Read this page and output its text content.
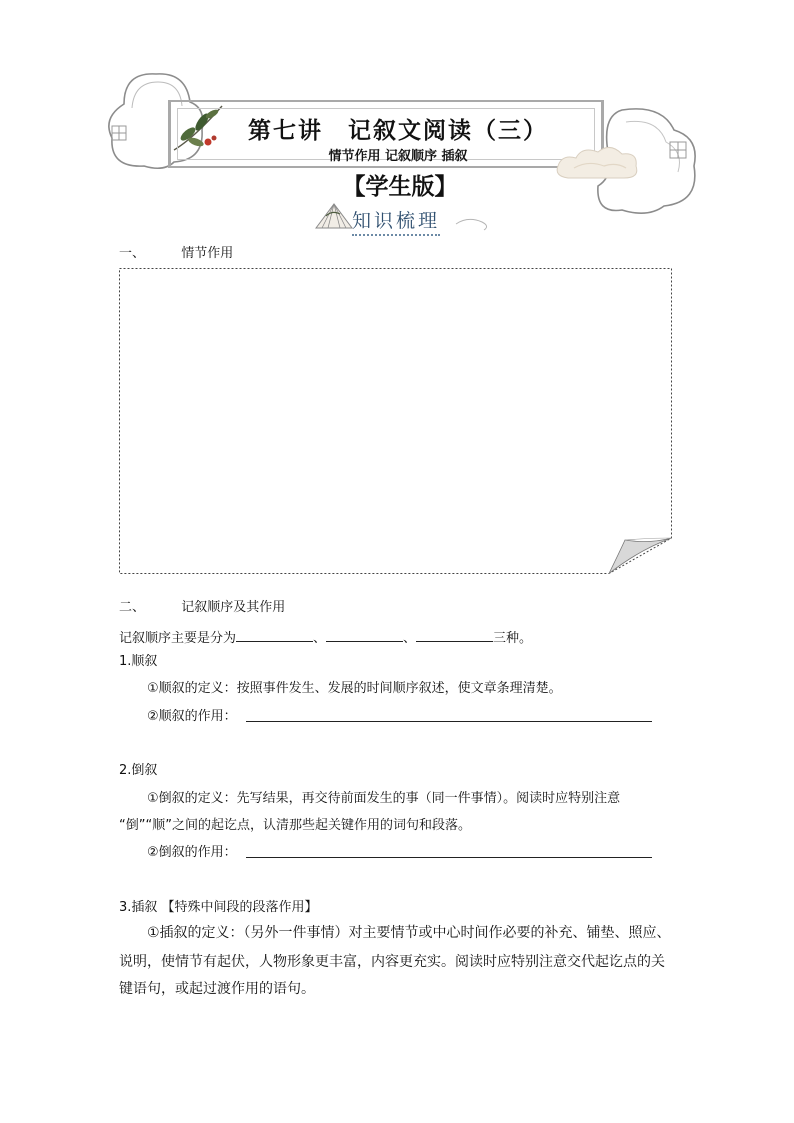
第七讲　记叙文阅读（三）
情节作用 记叙顺序 插叙
【学生版】
知识梳理
一、	情节作用
二、	记叙顺序及其作用
记叙顺序主要是分为	、	、	三种。
1.顺叙
①顺叙的定义：按照事件发生、发展的时间顺序叙述，使文章条理清楚。
②顺叙的作用：
2.倒叙
①倒叙的定义：先写结果，再交待前面发生的事（同一件事情）。阅读时应特别注意
“倒”“顺”之间的起讫点，认清那些起关键作用的词句和段落。
②倒叙的作用：
3.插叙 【特殊中间段的段落作用】
①插叙的定义：（另外一件事情）对主要情节或中心时间作必要的补充、铺垫、照应、
说明，使情节有起伏，人物形象更丰富，内容更充实。阅读时应特别注意交代起讫点的关
键语句，或起过渡作用的语句。
